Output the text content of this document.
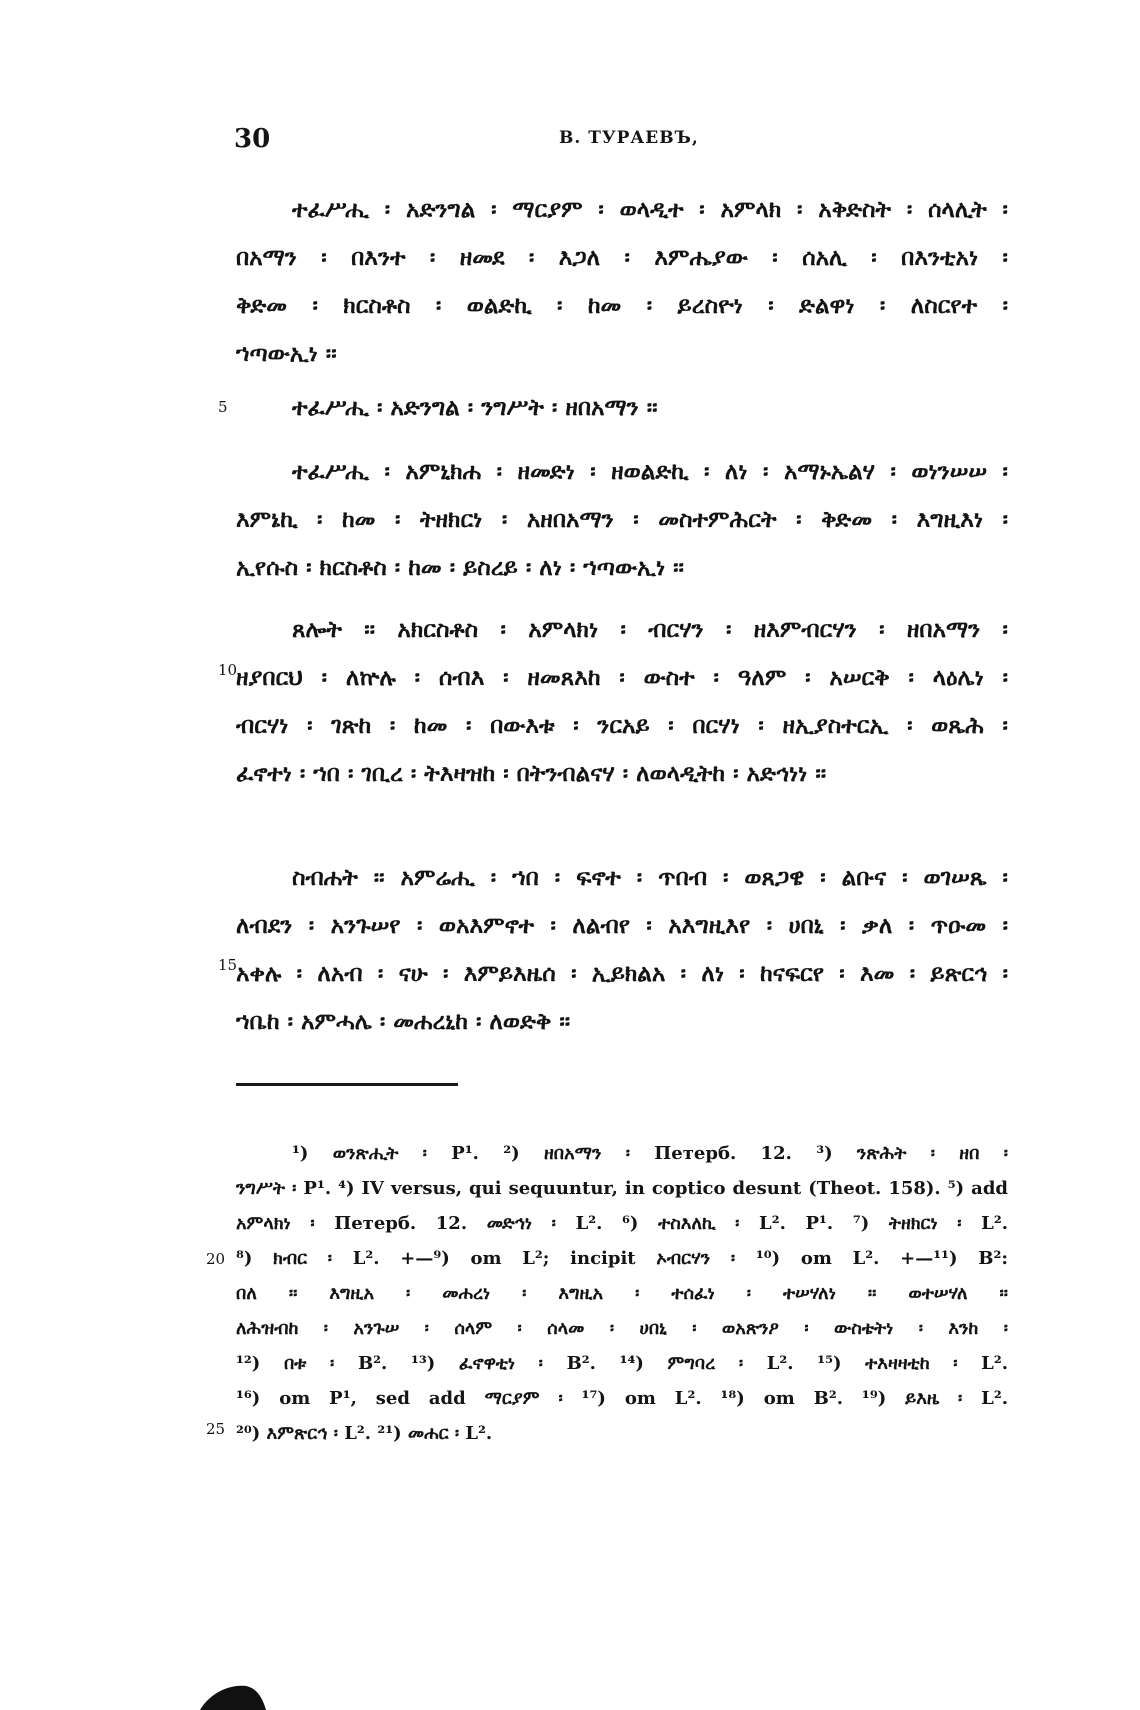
30	B. ТУРАЕВЪ,
5
10
15
20
25
ተፈሥሒ ፡ አድንግል ፡ ማርያም ፡ ወላዲተ ፡ አምላክ ፡ አቅድስት ፡ ሰላሊት ፡
በአማን ፡ በእንተ ፡ ዘመደ ፡ እጋለ ፡ እምሔያው ፡ ሰአሊ ፡ በእንቲአነ ፡
ቅድመ ፡ ክርስቶስ ፡ ወልድኪ ፡ ከመ ፡ ይረስዮነ ፡ ድልዋነ ፡ ለስርየተ ፡
ኀጣውኢነ ፡፡
ተፈሥሒ ፡ አድንግል ፡ ንግሥት ፡ ዘበአማን ፡፡
ተፈሥሒ ፡ አምኒክሐ ፡ ዘመድነ ፡ ዘወልድኪ ፡ ለነ ፡ አማኑኤልሃ ፡ ወነንሠሠ ፡
እምኔኪ ፡ ከመ ፡ ትዘክርነ ፡ አዘበአማን ፡ መስተምሕርት ፡ ቅድመ ፡ እግዚእነ ፡
ኢየሱስ ፡ ክርስቶስ ፡ ከመ ፡ ይስረይ ፡ ለነ ፡ ኀጣውኢነ ፡፡
ጸሎት ፡፡ አክርስቶስ ፡ አምላክነ ፡ ብርሃን ፡ ዘእምብርሃን ፡ ዘበአማን ፡
ዘያበርህ ፡ ለኵሉ ፡ ሰብእ ፡ ዘመጸእከ ፡ ውስተ ፡ ዓለም ፡ አሠርቅ ፡ ላዕሌነ ፡
ብርሃነ ፡ ገጽከ ፡ ከመ ፡ በውእቱ ፡ ንርአይ ፡ በርሃነ ፡ ዘኢያስተርኢ ፡ ወጼሕ ፡
ፈኖተነ ፡ ኀበ ፡ ገቢረ ፡ ትእዛዝከ ፡ በትንብልናሃ ፡ ለወላዲትከ ፡ አድኅነነ ፡፡
ስብሐት ፡፡ አምሬሒ ፡ ኀበ ፡ ፍኖተ ፡ ጥበብ ፡ ወጸጋዌ ፡ ልቡና ፡ ወገሠጼ ፡
ለብደን ፡ አንጉሠየ ፡ ወአእምኖተ ፡ ለልብየ ፡ አእግዚእየ ፡ ሀበኒ ፡ ቃለ ፡ ጥዑመ ፡
አቀሉ ፡ ለአብ ፡ ናሁ ፡ እምይእዜሰ ፡ ኢይክልአ ፡ ለነ ፡ ከናፍርየ ፡ እመ ፡ ይጽርኅ ፡
ኀቤከ ፡ አምሓሌ ፡ መሐረኒከ ፡ ለወድቅ ፡፡
¹) ወንጽሒት ፡ P¹. ²) ዘበአማን ፡ Петерб. 12. ³) ንጽሕት ፡ ዘበ ፡
ንግሥት ፡ P¹. ⁴) IV versus, qui sequuntur, in coptico desunt (Theot. 158). ⁵) add
አምላክነ ፡ Петерб. 12. መድኅነ ፡ L². ⁶) ተስእለኪ ፡ L². P¹. ⁷) ትዘክርነ ፡ L².
⁸) ክብር ፡ L². +—⁹) om L²; incipit ኦብርሃን ፡ ¹⁰) om L². +—¹¹) B²:
በለ ፡፡ እግዚአ ፡ መሐረነ ፡ እግዚአ ፡ ተሰፈነ ፡ ተሠሃለነ ፡፡ ወተሠሃለ ፡፡
ለሕዝብከ ፡ አንጉሠ ፡ ሰላም ፡ ሰላመ ፡ ሀበኒ ፡ ወአጽንዖ ፡ ውስቴትነ ፡ እንከ ፡
¹²) በቱ ፡ B². ¹³) ፈኖዋቲነ ፡ B². ¹⁴) ምግባረ ፡ L². ¹⁵) ተእዛዛቲከ ፡ L².
¹⁶) om P¹, sed add ማርያም ፡ ¹⁷) om L². ¹⁸) om B². ¹⁹) ይእዜ ፡ L².
²⁰) እምጽርኅ ፡ L². ²¹) መሐር ፡ L².
